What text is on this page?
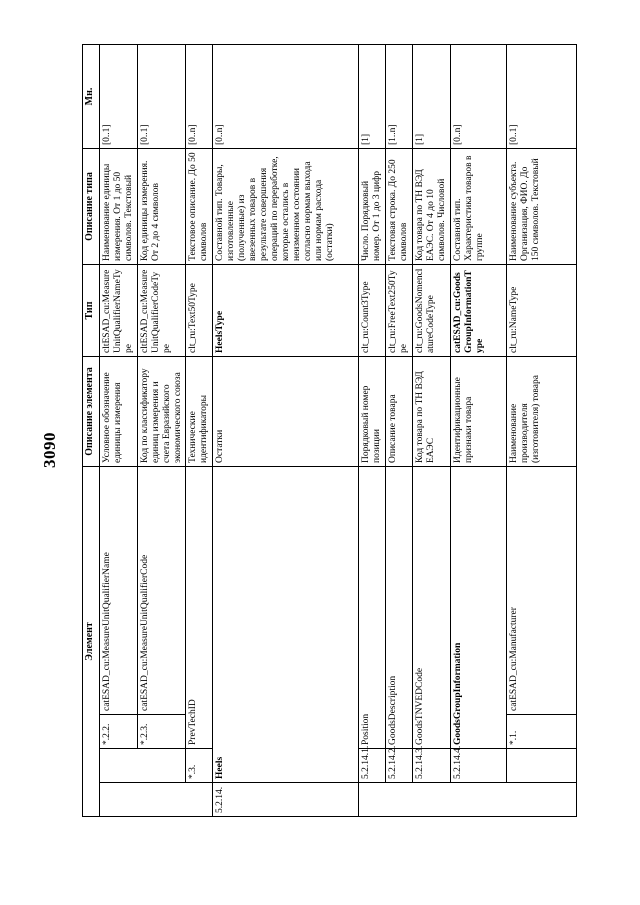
3090
Элемент				Описание элемента	Тип	Описание типа	Мн.
		*.2.2.	catESAD_cu:MeasureUnitQualifierName	Условное обозначение единицы измерения	cltESAD_cu:MeasureUnitQualifierNameType	Наименование единицы измерения. От 1 до 50 символов. Текстовый	[0..1]
		*.2.3.	catESAD_cu:MeasureUnitQualifierCode	Код по классификатору единиц измерения и счета Евразийского экономического союза	cltESAD_cu:MeasureUnitQualifierCodeType	Код единицы измерения. От 2 до 4 символов	[0..1]
	*.3.	PrevTechID		Технические идентификаторы	clt_ru:Text50Type	Текстовое описание. До 50 символов	[0..n]
5.2.14.	Heels			Остатки	HeelsType	Составной тип. Товары, изготовленные (полученные) из ввезенных товаров в результате совершения операций по переработке, которые остались в неизменном состоянии согласно нормам выхода или нормам расхода (остатки)	[0..n]
	5.2.14.1.	Position		Порядковый номер позиции	clt_ru:Count3Type	Число. Порядковый номер. От 1 до 3 цифр	[1]
	5.2.14.2.	GoodsDescription		Описание товара	clt_ru:FreeText250Type	Текстовая строка. До 250 символов	[1..n]
	5.2.14.3.	GoodsTNVEDCode		Код товара по ТН ВЭД ЕАЭС	clt_ru:GoodsNomenclatureCodeType	Код товара по ТН ВЭД ЕАЭС. От 4 до 10 символов. Числовой	[1]
	5.2.14.4.	GoodsGroupInformation		Идентификационные признаки товара	catESAD_cu:GoodsGroupInformationType	Составной тип. Характеристика товаров в группе	[0..n]
		*.1.	catESAD_cu:Manufacturer	Наименование производителя (изготовителя) товара	clt_ru:NameType	Наименование субъекта. Организация, ФИО. До 150 символов. Текстовый	[0..1]
